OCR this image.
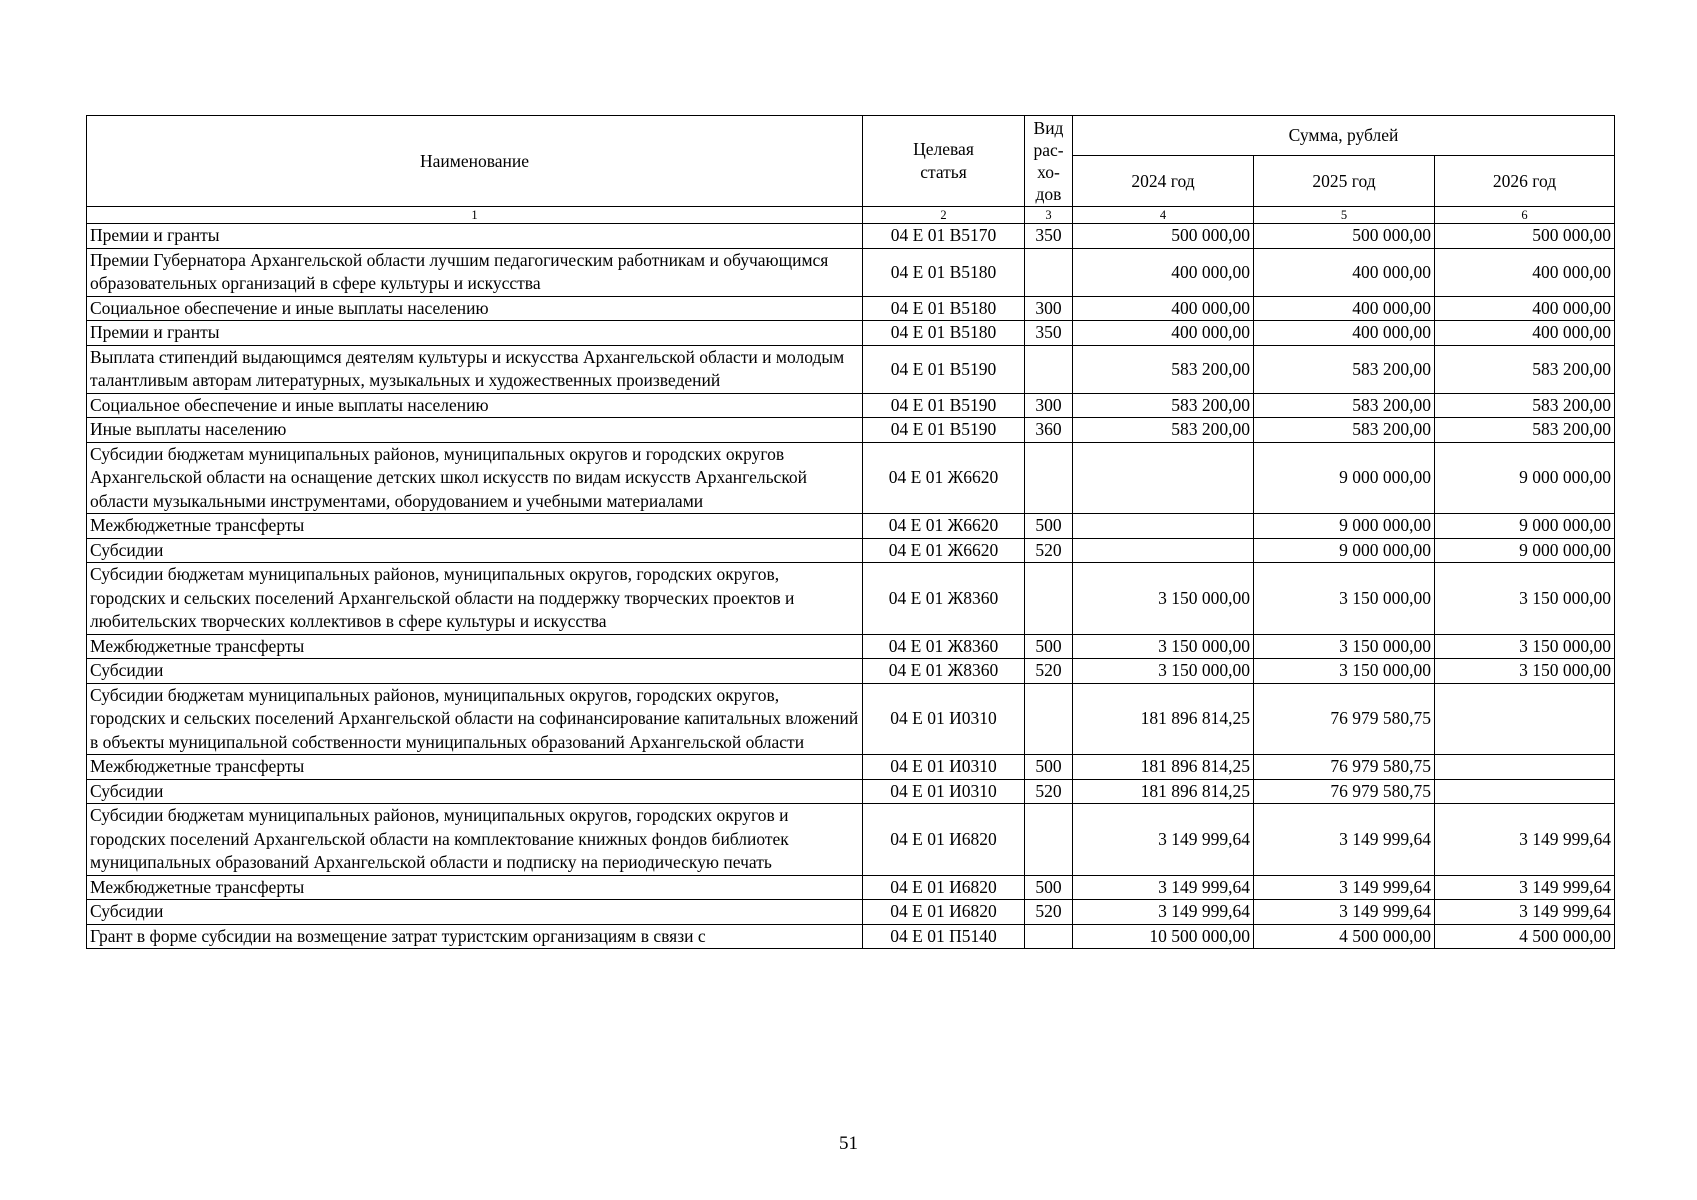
Наименование	Целевая статья	Вид
рас-
хо-
дов	Сумма, рублей		
			2024 год	2025 год	2026 год
1	2	3	4	5	6
Премии и гранты	04 Е 01 В5170	350	500 000,00	500 000,00	500 000,00
Премии Губернатора Архангельской области лучшим педагогическим работникам и обучающимся образовательных организаций в сфере культуры и искусства	04 Е 01 В5180		400 000,00	400 000,00	400 000,00
Социальное обеспечение и иные выплаты населению	04 Е 01 В5180	300	400 000,00	400 000,00	400 000,00
Премии и гранты	04 Е 01 В5180	350	400 000,00	400 000,00	400 000,00
Выплата стипендий выдающимся деятелям культуры и искусства Архангельской области и молодым талантливым авторам литературных, музыкальных и художественных произведений	04 Е 01 В5190		583 200,00	583 200,00	583 200,00
Социальное обеспечение и иные выплаты населению	04 Е 01 В5190	300	583 200,00	583 200,00	583 200,00
Иные выплаты населению	04 Е 01 В5190	360	583 200,00	583 200,00	583 200,00
Субсидии бюджетам муниципальных районов, муниципальных округов и городских округов Архангельской области на оснащение детских школ искусств по видам искусств Архангельской области музыкальными инструментами, оборудованием и учебными материалами	04 Е 01 Ж6620			9 000 000,00	9 000 000,00
Межбюджетные трансферты	04 Е 01 Ж6620	500		9 000 000,00	9 000 000,00
Субсидии	04 Е 01 Ж6620	520		9 000 000,00	9 000 000,00
Субсидии бюджетам муниципальных районов, муниципальных округов, городских округов, городских и сельских поселений Архангельской области на поддержку творческих проектов и любительских творческих коллективов в сфере культуры и искусства	04 Е 01 Ж8360		3 150 000,00	3 150 000,00	3 150 000,00
Межбюджетные трансферты	04 Е 01 Ж8360	500	3 150 000,00	3 150 000,00	3 150 000,00
Субсидии	04 Е 01 Ж8360	520	3 150 000,00	3 150 000,00	3 150 000,00
Субсидии бюджетам муниципальных районов, муниципальных округов, городских округов, городских и сельских поселений Архангельской области на софинансирование капитальных вложений в объекты муниципальной собственности муниципальных образований Архангельской области	04 Е 01 И0310		181 896 814,25	76 979 580,75	
Межбюджетные трансферты	04 Е 01 И0310	500	181 896 814,25	76 979 580,75	
Субсидии	04 Е 01 И0310	520	181 896 814,25	76 979 580,75	
Субсидии бюджетам муниципальных районов, муниципальных округов, городских округов и городских поселений Архангельской области на комплектование книжных фондов библиотек муниципальных образований Архангельской области и подписку на периодическую печать	04 Е 01 И6820		3 149 999,64	3 149 999,64	3 149 999,64
Межбюджетные трансферты	04 Е 01 И6820	500	3 149 999,64	3 149 999,64	3 149 999,64
Субсидии	04 Е 01 И6820	520	3 149 999,64	3 149 999,64	3 149 999,64
Грант в форме субсидии на возмещение затрат туристским организациям в связи с	04 Е 01 П5140		10 500 000,00	4 500 000,00	4 500 000,00
51
